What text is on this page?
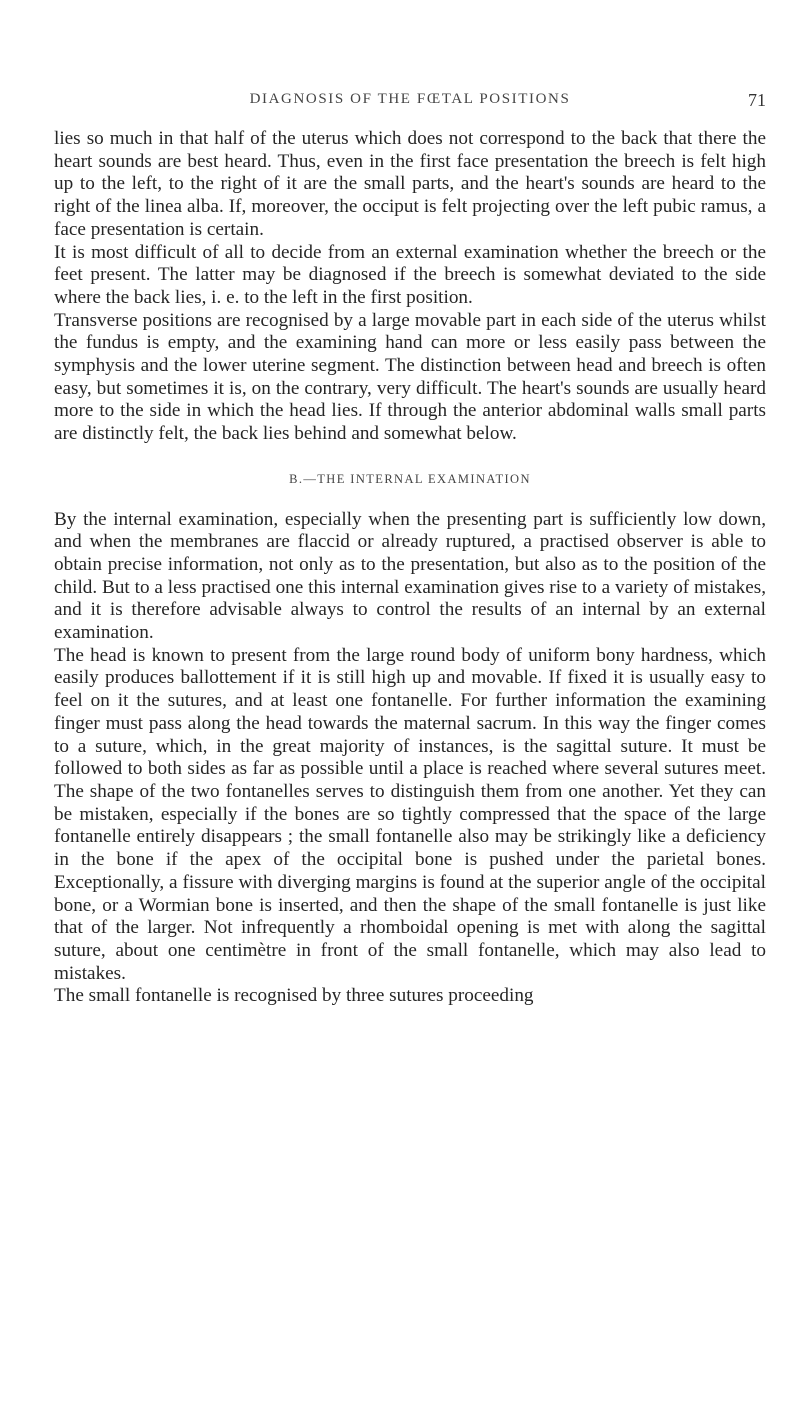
DIAGNOSIS OF THE FŒTAL POSITIONS	71

lies so much in that half of the uterus which does not correspond to the back that there the heart sounds are best heard. Thus, even in the first face presentation the breech is felt high up to the left, to the right of it are the small parts, and the heart's sounds are heard to the right of the linea alba. If, moreover, the occiput is felt projecting over the left pubic ramus, a face presentation is certain.

It is most difficult of all to decide from an external examination whether the breech or the feet present. The latter may be diagnosed if the breech is somewhat deviated to the side where the back lies, i. e. to the left in the first position.

Transverse positions are recognised by a large movable part in each side of the uterus whilst the fundus is empty, and the examining hand can more or less easily pass between the symphysis and the lower uterine segment. The distinction between head and breech is often easy, but sometimes it is, on the contrary, very difficult. The heart's sounds are usually heard more to the side in which the head lies. If through the anterior abdominal walls small parts are distinctly felt, the back lies behind and somewhat below.

B.—THE INTERNAL EXAMINATION

By the internal examination, especially when the presenting part is sufficiently low down, and when the membranes are flaccid or already ruptured, a practised observer is able to obtain precise information, not only as to the presentation, but also as to the position of the child. But to a less practised one this internal examination gives rise to a variety of mistakes, and it is therefore advisable always to control the results of an internal by an external examination.

The head is known to present from the large round body of uniform bony hardness, which easily produces ballottement if it is still high up and movable. If fixed it is usually easy to feel on it the sutures, and at least one fontanelle. For further information the examining finger must pass along the head towards the maternal sacrum. In this way the finger comes to a suture, which, in the great majority of instances, is the sagittal suture. It must be followed to both sides as far as possible until a place is reached where several sutures meet. The shape of the two fontanelles serves to distinguish them from one another. Yet they can be mistaken, especially if the bones are so tightly compressed that the space of the large fontanelle entirely disappears ; the small fontanelle also may be strikingly like a deficiency in the bone if the apex of the occipital bone is pushed under the parietal bones. Exceptionally, a fissure with diverging margins is found at the superior angle of the occipital bone, or a Wormian bone is inserted, and then the shape of the small fontanelle is just like that of the larger. Not infrequently a rhomboidal opening is met with along the sagittal suture, about one centimètre in front of the small fontanelle, which may also lead to mistakes.

The small fontanelle is recognised by three sutures proceeding
